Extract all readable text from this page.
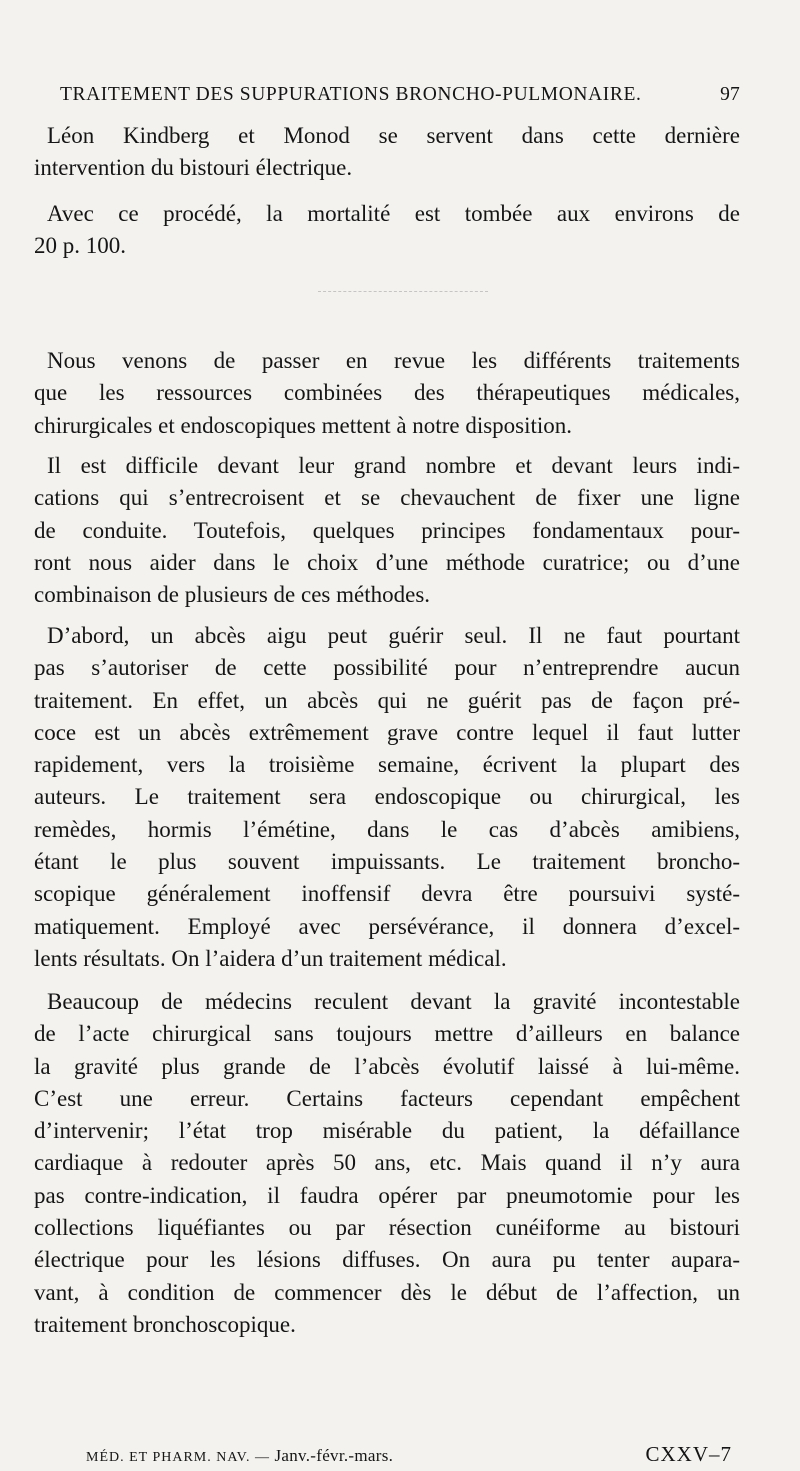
TRAITEMENT DES SUPPURATIONS BRONCHO-PULMONAIRE.	97
Léon Kindberg et Monod se servent dans cette dernière
intervention du bistouri électrique.
Avec ce procédé, la mortalité est tombée aux environs de
20 p. 100.
Nous venons de passer en revue les différents traitements
que les ressources combinées des thérapeutiques médicales,
chirurgicales et endoscopiques mettent à notre disposition.
Il est difficile devant leur grand nombre et devant leurs indi-
cations qui s’entrecroisent et se chevauchent de fixer une ligne
de conduite. Toutefois, quelques principes fondamentaux pour-
ront nous aider dans le choix d’une méthode curatrice; ou d’une
combinaison de plusieurs de ces méthodes.
D’abord, un abcès aigu peut guérir seul. Il ne faut pourtant
pas s’autoriser de cette possibilité pour n’entreprendre aucun
traitement. En effet, un abcès qui ne guérit pas de façon pré-
coce est un abcès extrêmement grave contre lequel il faut lutter
rapidement, vers la troisième semaine, écrivent la plupart des
auteurs. Le traitement sera endoscopique ou chirurgical, les
remèdes, hormis l’émétine, dans le cas d’abcès amibiens,
étant le plus souvent impuissants. Le traitement broncho-
scopique généralement inoffensif devra être poursuivi systé-
matiquement. Employé avec persévérance, il donnera d’excel-
lents résultats. On l’aidera d’un traitement médical.
Beaucoup de médecins reculent devant la gravité incontestable
de l’acte chirurgical sans toujours mettre d’ailleurs en balance
la gravité plus grande de l’abcès évolutif laissé à lui-même.
C’est une erreur. Certains facteurs cependant empêchent
d’intervenir; l’état trop misérable du patient, la défaillance
cardiaque à redouter après 50 ans, etc. Mais quand il n’y aura
pas contre-indication, il faudra opérer par pneumotomie pour les
collections liquéfiantes ou par résection cunéiforme au bistouri
électrique pour les lésions diffuses. On aura pu tenter aupara-
vant, à condition de commencer dès le début de l’affection, un
traitement bronchoscopique.
MÉD. ET PHARM. NAV. — Janv.-févr.-mars.	CXXV–7
